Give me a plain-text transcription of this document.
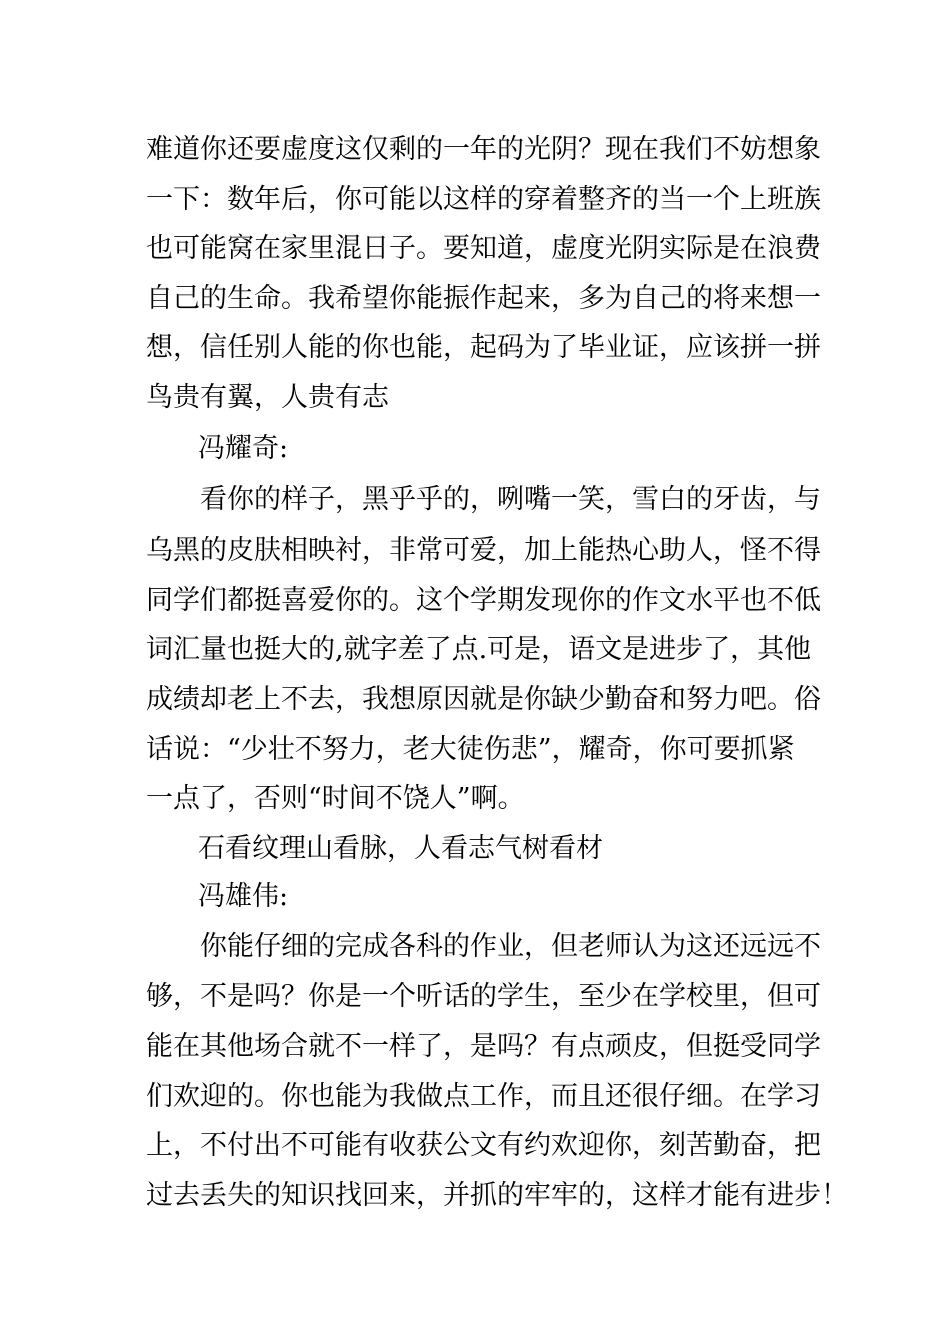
难道你还要虚度这仅剩的一年的光阴？现在我们不妨想象
一下：数年后，你可能以这样的穿着整齐的当一个上班族
也可能窝在家里混日子。要知道，虚度光阴实际是在浪费
自己的生命。我希望你能振作起来，多为自己的将来想一
想，信任别人能的你也能，起码为了毕业证，应该拼一拼
鸟贵有翼，人贵有志
冯耀奇:
看你的样子，黑乎乎的，咧嘴一笑，雪白的牙齿，与
乌黑的皮肤相映衬，非常可爱，加上能热心助人，怪不得
同学们都挺喜爱你的。这个学期发现你的作文水平也不低
词汇量也挺大的,就字差了点.可是，语文是进步了，其他
成绩却老上不去，我想原因就是你缺少勤奋和努力吧。俗
话说：“少壮不努力，老大徒伤悲”，耀奇，你可要抓紧
一点了，否则“时间不饶人”啊。
石看纹理山看脉，人看志气树看材
冯雄伟:
你能仔细的完成各科的作业，但老师认为这还远远不
够，不是吗？你是一个听话的学生，至少在学校里，但可
能在其他场合就不一样了，是吗？有点顽皮，但挺受同学
们欢迎的。你也能为我做点工作，而且还很仔细。在学习
上，不付出不可能有收获公文有约欢迎你，刻苦勤奋，把
过去丢失的知识找回来，并抓的牢牢的，这样才能有进步！
